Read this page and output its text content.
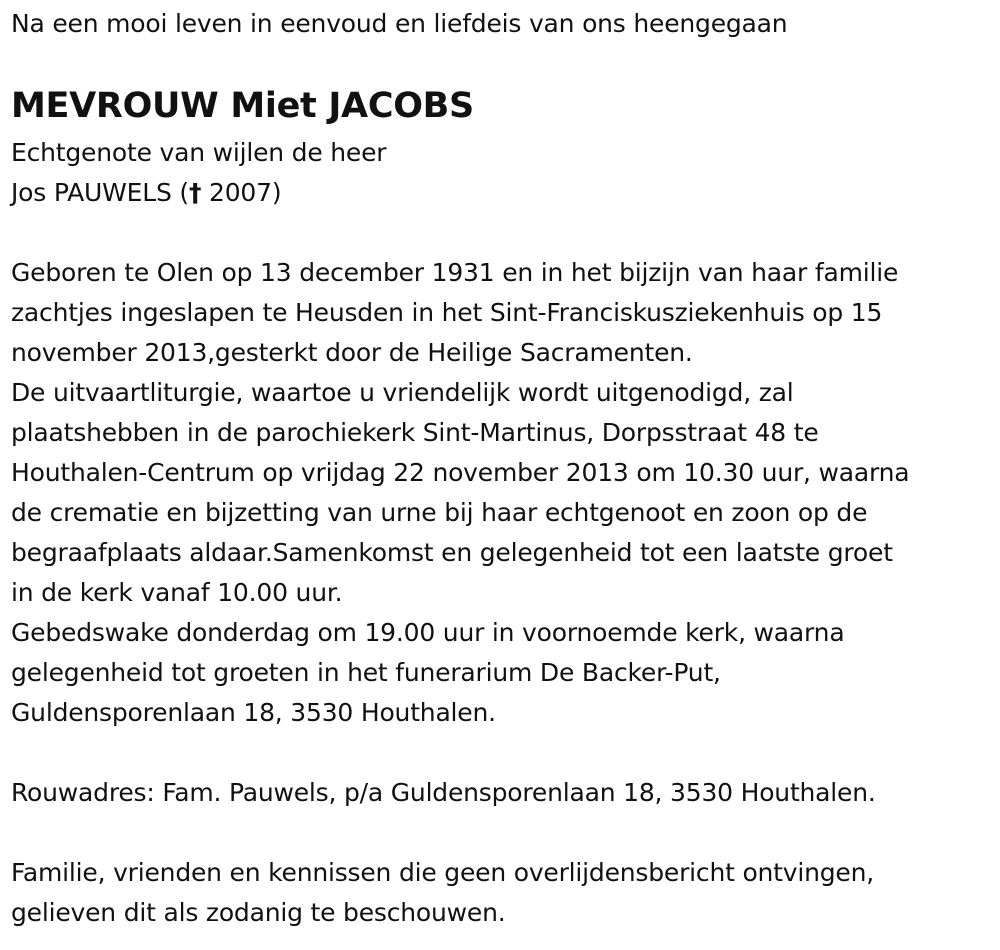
Na een mooi leven in eenvoud en liefdeis van ons heengegaan
MEVROUW Miet JACOBS
Echtgenote van wijlen de heer
Jos PAUWELS († 2007)
Geboren te Olen op 13 december 1931 en in het bijzijn van haar familie
zachtjes ingeslapen te Heusden in het Sint-Franciskusziekenhuis op 15
november 2013,gesterkt door de Heilige Sacramenten.
De uitvaartliturgie, waartoe u vriendelijk wordt uitgenodigd, zal
plaatshebben in de parochiekerk Sint-Martinus, Dorpsstraat 48 te
Houthalen-Centrum op vrijdag 22 november 2013 om 10.30 uur, waarna
de crematie en bijzetting van urne bij haar echtgenoot en zoon op de
begraafplaats aldaar.Samenkomst en gelegenheid tot een laatste groet
in de kerk vanaf 10.00 uur.
Gebedswake donderdag om 19.00 uur in voornoemde kerk, waarna
gelegenheid tot groeten in het funerarium De Backer-Put,
Guldensporenlaan 18, 3530 Houthalen.
Rouwadres: Fam. Pauwels, p/a Guldensporenlaan 18, 3530 Houthalen.
Familie, vrienden en kennissen die geen overlijdensbericht ontvingen,
gelieven dit als zodanig te beschouwen.
